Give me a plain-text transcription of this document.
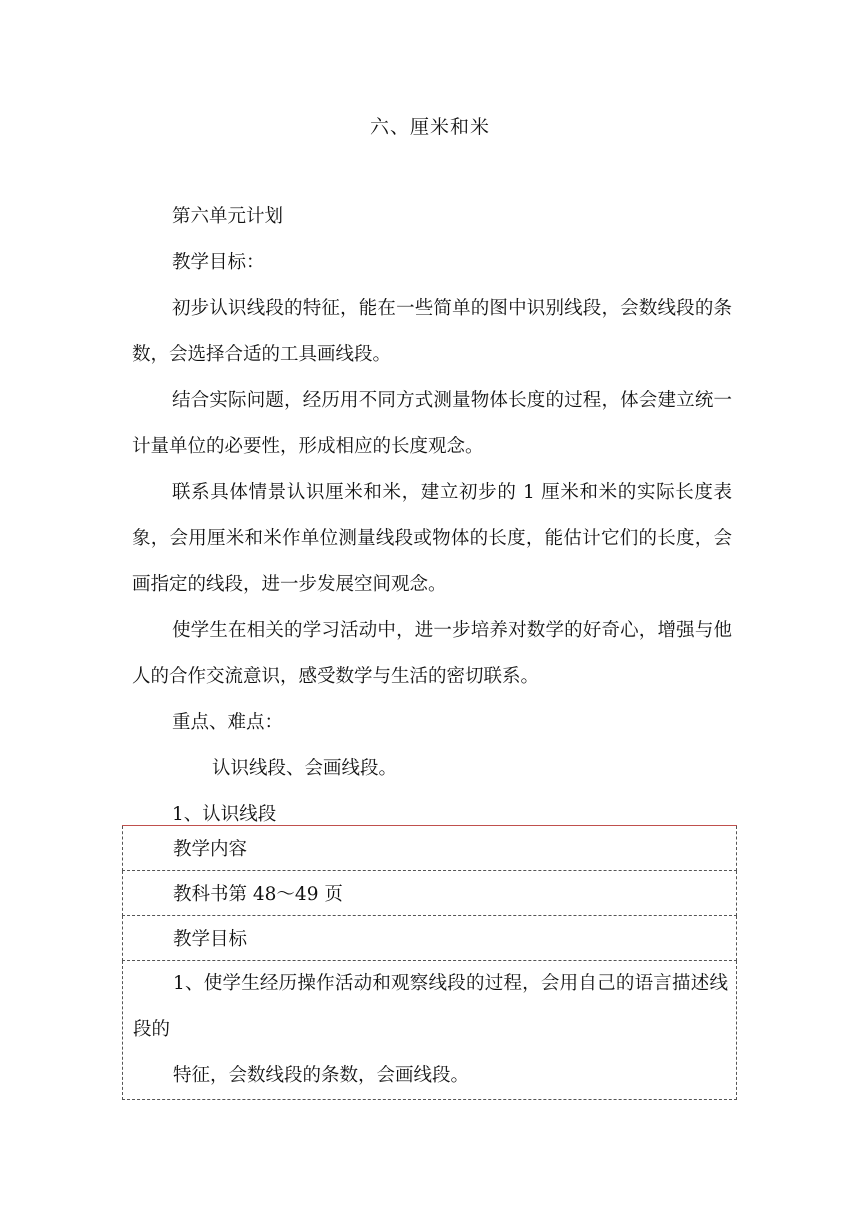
六、厘米和米

第六单元计划

教学目标：

初步认识线段的特征，能在一些简单的图中识别线段，会数线段的条数，会选择合适的工具画线段。

结合实际问题，经历用不同方式测量物体长度的过程，体会建立统一计量单位的必要性，形成相应的长度观念。

联系具体情景认识厘米和米，建立初步的 1 厘米和米的实际长度表象，会用厘米和米作单位测量线段或物体的长度，能估计它们的长度，会画指定的线段，进一步发展空间观念。

使学生在相关的学习活动中，进一步培养对数学的好奇心，增强与他人的合作交流意识，感受数学与生活的密切联系。

重点、难点：

认识线段、会画线段。

1、认识线段

教学内容
教科书第 48～49 页
教学目标

1、使学生经历操作活动和观察线段的过程，会用自己的语言描述线段的
特征，会数线段的条数，会画线段。
